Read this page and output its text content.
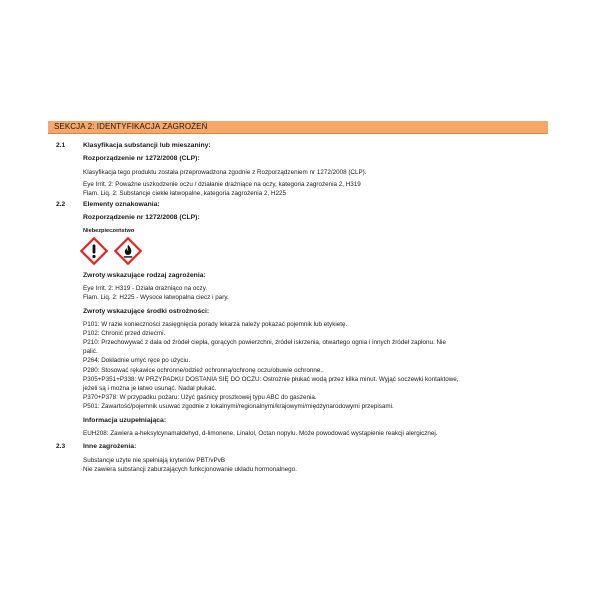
SEKCJA 2: IDENTYFIKACJA ZAGROŻEŃ
2.1	Klasyfikacja substancji lub mieszaniny:
Rozporządzenie nr 1272/2008 (CLP):
Klasyfikacja tego produktu została przeprowadzona zgodnie z Rozporządzeniem nr 1272/2008 (CLP).
Eye Irrit. 2: Poważne uszkodzenie oczu / działanie drażniące na oczy, kategoria zagrożenia 2, H319
Flam. Liq. 2: Substancje ciekłe łatwopalne, kategoria zagrożenia 2, H225
2.2	Elementy oznakowania:
Rozporządzenie nr 1272/2008 (CLP):
Niebezpieczeństwo
Zwroty wskazujące rodzaj zagrożenia:
Eye Irrit. 2: H319 - Działa drażniąco na oczy.
Flam. Liq. 2: H225 - Wysoce łatwopalna ciecz i pary.
Zwroty wskazujące środki ostrożności:
P101: W razie konieczności zasięgnięcia porady lekarza należy pokazać pojemnik lub etykietę.
P102: Chronić przed dziećmi.
P210: Przechowywać z dala od źródeł ciepła, gorących powierzchni, źródeł iskrzenia, otwartego ognia i innych źródeł zapłonu. Nie
palić.
P264: Dokładnie umyć ręce po użyciu.
P280: Stosować rękawice ochronne/odzież ochronną/ochronę oczu/obuwie ochronne..
P305+P351+P338: W PRZYPADKU DOSTANIA SIĘ DO OCZU: Ostrożnie płukać wodą przez kilka minut. Wyjąć soczewki kontaktowe,
jeżeli są i można je łatwo usunąć. Nadal płukać.
P370+P378: W przypadku pożaru: Użyć gaśnicy proszkowej typu ABC do gaszenia.
P501: Zawartość/pojemnik usuwać zgodnie z lokalnymi/regionalnymi/krajowymi/międzynarodowymi przepisami.
Informacja uzupełniająca:
EUH208: Zawiera a-heksylcynamaldehyd, d-limonene, Linalol, Octan nopylu. Może powodować wystąpienie reakcji alergicznej.
2.3	Inne zagrożenia:
Substancje użyte nie spełniają kryteriów PBT/vPvB
Nie zawiera substancji zaburzających funkcjonowanie układu hormonalnego.
